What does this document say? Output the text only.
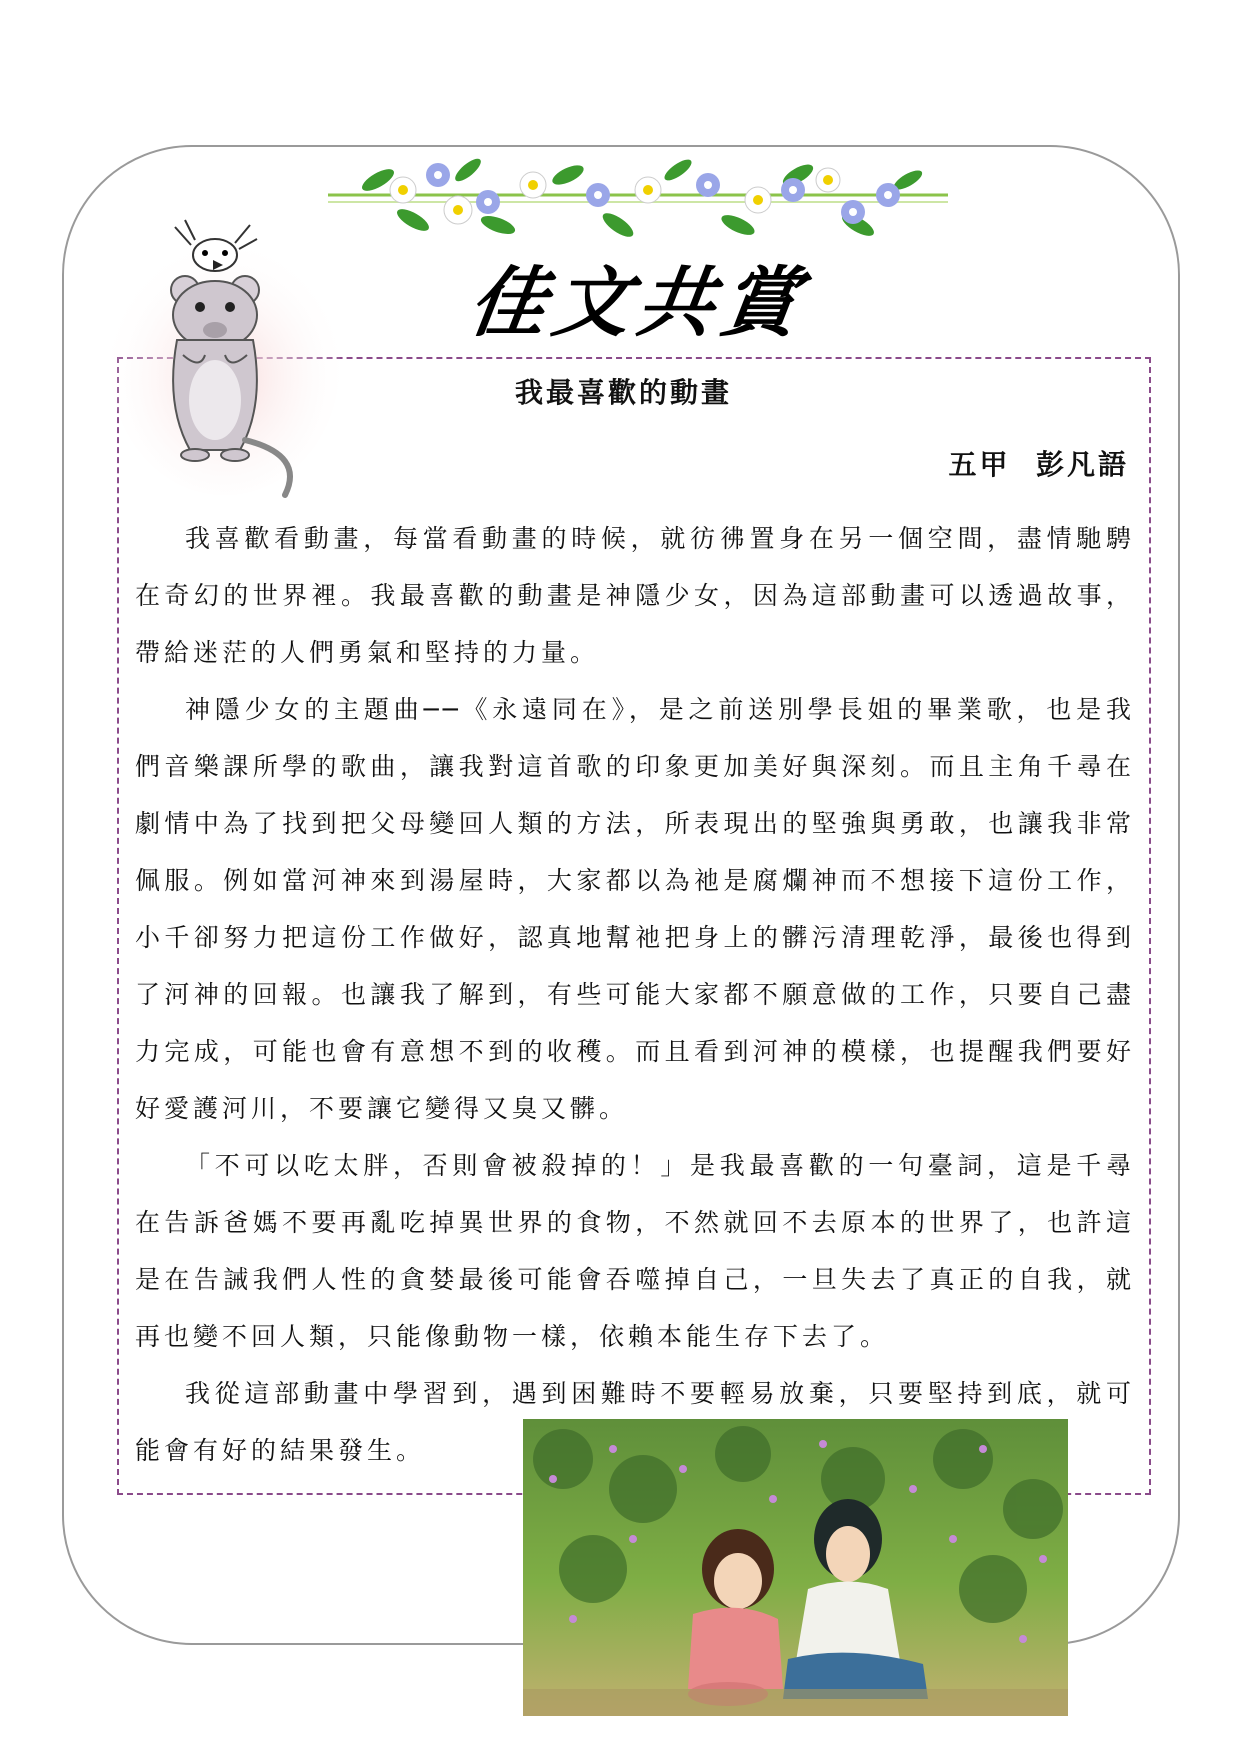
佳文共賞
我最喜歡的動畫
五甲  彭凡語

我喜歡看動畫，每當看動畫的時候，就彷彿置身在另一個空間，盡情馳騁在奇幻的世界裡。我最喜歡的動畫是神隱少女，因為這部動畫可以透過故事，帶給迷茫的人們勇氣和堅持的力量。

神隱少女的主題曲──《永遠同在》，是之前送別學長姐的畢業歌，也是我們音樂課所學的歌曲，讓我對這首歌的印象更加美好與深刻。而且主角千尋在劇情中為了找到把父母變回人類的方法，所表現出的堅強與勇敢，也讓我非常佩服。例如當河神來到湯屋時，大家都以為祂是腐爛神而不想接下這份工作，小千卻努力把這份工作做好，認真地幫祂把身上的髒污清理乾淨，最後也得到了河神的回報。也讓我了解到，有些可能大家都不願意做的工作，只要自己盡力完成，可能也會有意想不到的收穫。而且看到河神的模樣，也提醒我們要好好愛護河川，不要讓它變得又臭又髒。

「不可以吃太胖，否則會被殺掉的！」是我最喜歡的一句臺詞，這是千尋在告訴爸媽不要再亂吃掉異世界的食物，不然就回不去原本的世界了，也許這是在告誡我們人性的貪婪最後可能會吞噬掉自己，一旦失去了真正的自我，就再也變不回人類，只能像動物一樣，依賴本能生存下去了。

我從這部動畫中學習到，遇到困難時不要輕易放棄，只要堅持到底，就可能會有好的結果發生。
